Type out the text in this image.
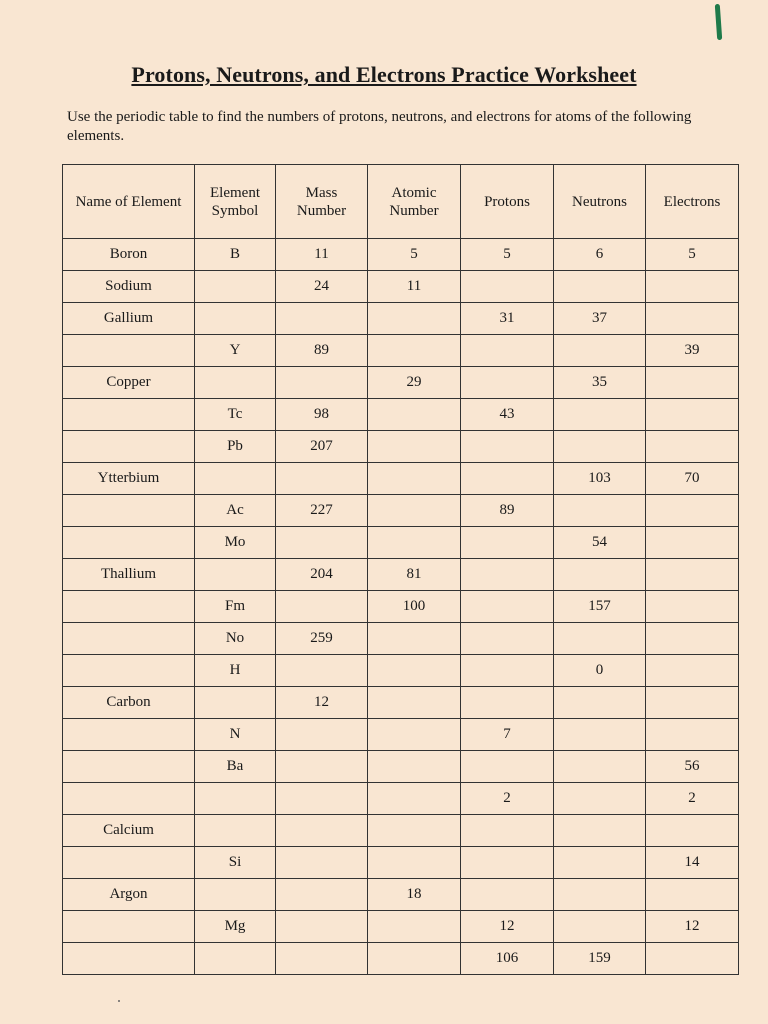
Protons, Neutrons, and Electrons Practice Worksheet

Use the periodic table to find the numbers of protons, neutrons, and electrons for atoms of the following elements.

Name of Element	Element Symbol	Mass Number	Atomic Number	Protons	Neutrons	Electrons
Boron	B	11	5	5	6	5
Sodium		24	11			
Gallium				31	37	
	Y	89				39
Copper			29		35	
	Tc	98		43		
	Pb	207				
Ytterbium					103	70
	Ac	227		89		
	Mo				54	
Thallium		204	81			
	Fm		100		157	
	No	259				
	H				0	
Carbon		12				
	N			7		
	Ba					56
				2		2
Calcium						
	Si					14
Argon			18			
	Mg			12		12
				106	159	
